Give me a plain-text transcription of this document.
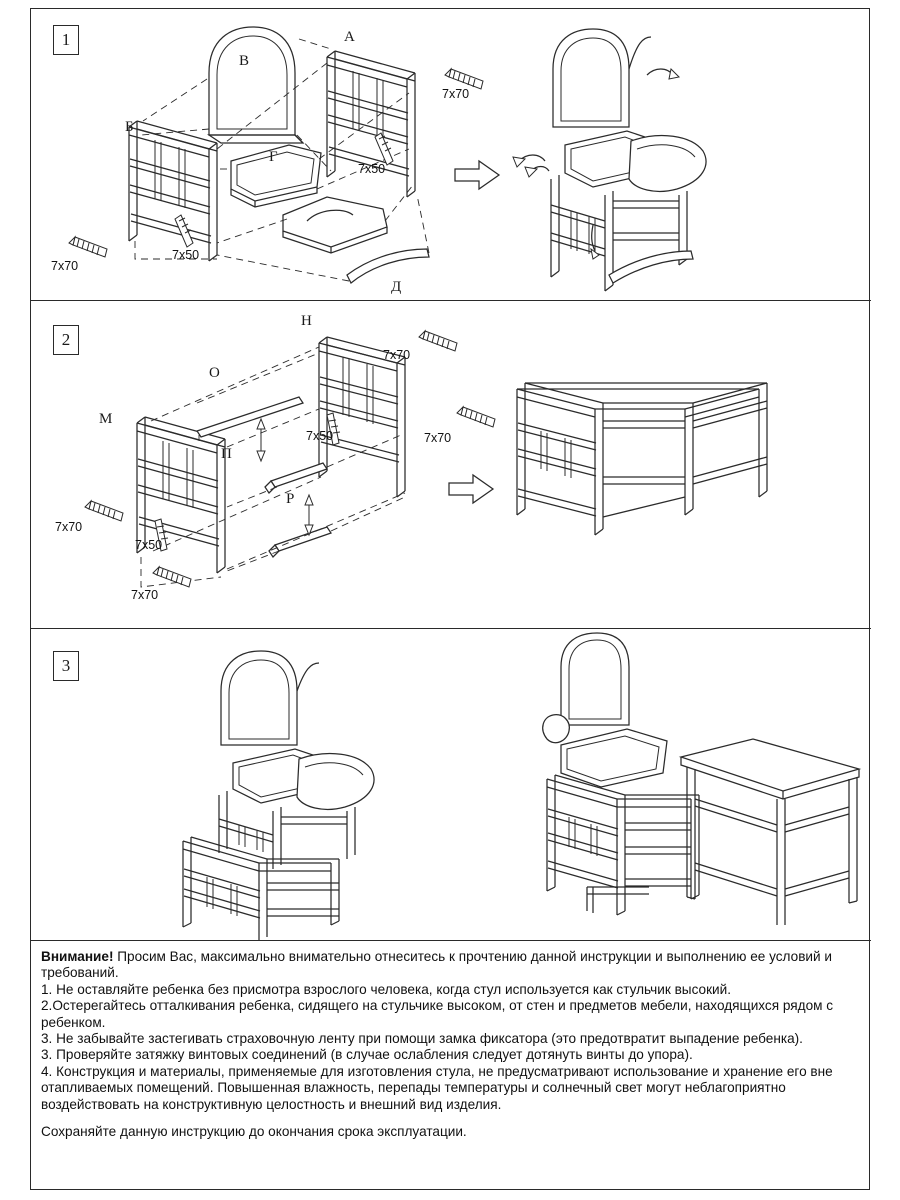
1	А
В
Б
Г
Д
7x70
7x50
7x70
7x50
2
Н
О
М
П
Р
7x70
7x50	7x70
7x70
7x50
7x70
3

Внимание! Просим Вас, максимально внимательно отнеситесь к прочтению данной инструкции и выполнению ее условий и требований.

1. Не оставляйте ребенка без присмотра взрослого человека, когда стул используется как стульчик высокий.

2.Остерегайтесь отталкивания ребенка, сидящего на стульчике высоком, от стен и предметов мебели, находящихся рядом с ребенком.

3. Не забывайте застегивать страховочную ленту при помощи замка фиксатора (это предотвратит выпадение ребенка).

3. Проверяйте затяжку винтовых соединений (в случае ослабления следует дотянуть винты до упора).

4. Конструкция и материалы, применяемые для изготовления стула, не предусматривают использование и хранение его вне отапливаемых помещений. Повышенная влажность, перепады температуры и солнечный свет могут неблагоприятно воздействовать на конструктивную целостность и внешний вид изделия.

Сохраняйте данную инструкцию до окончания срока эксплуатации.
